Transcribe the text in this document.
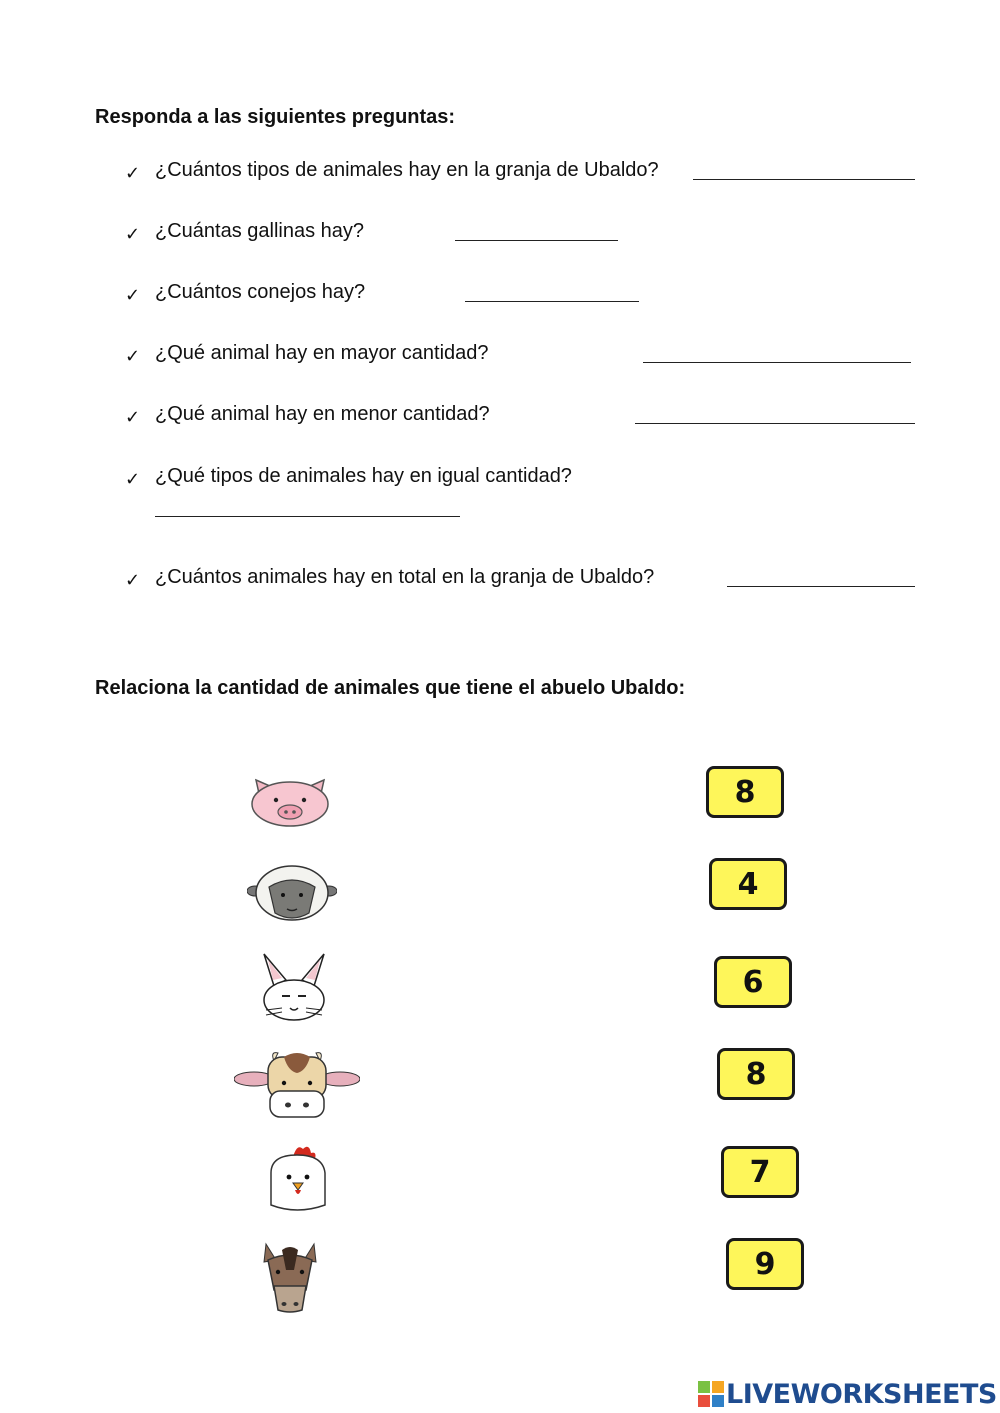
Responda a las siguientes preguntas:
✓ ¿Cuántos tipos de animales hay en la granja de Ubaldo?
✓ ¿Cuántas gallinas hay?
✓ ¿Cuántos conejos hay?
✓ ¿Qué animal hay en mayor cantidad?
✓ ¿Qué animal hay en menor cantidad?
✓ ¿Qué tipos de animales hay en igual cantidad?
✓ ¿Cuántos animales hay en total en la granja de Ubaldo?
Relaciona la cantidad de animales que tiene el abuelo Ubaldo:
8
4
6
8
7
9
LIVEWORKSHEETS
